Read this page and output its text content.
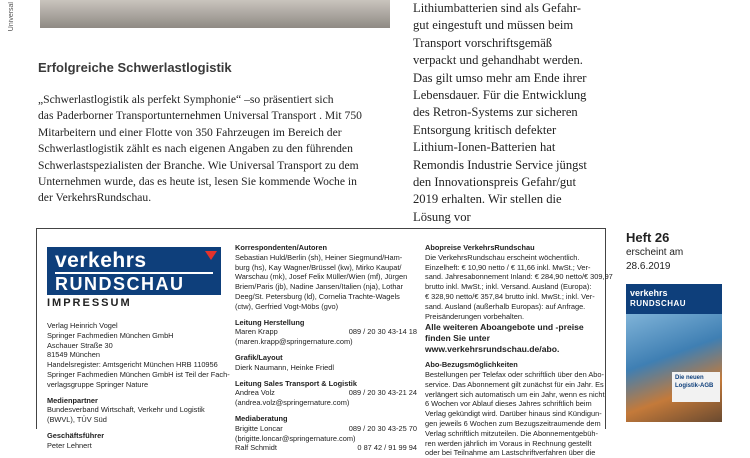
Universal
Erfolgreiche Schwerlastlogistik
„Schwerlastlogistik als perfekt Symphonie“ –so präsentiert sich
das Paderborner Transportunternehmen Universal Transport . Mit 750
Mitarbeitern und einer Flotte von 350 Fahrzeugen im Bereich der
Schwerlastlogistik zählt es nach eigenen Angaben zu den führenden
Schwerlastspezialisten der Branche. Wie Universal Transport zu dem
Unternehmen wurde, das es heute ist, lesen Sie kommende Woche in
der VerkehrsRundschau.
Lithiumbatterien sind als Gefahr-
gut eingestuft und müssen beim
Transport vorschriftsgemäß
verpackt und gehandhabt werden.
Das gilt umso mehr am Ende ihrer
Lebensdauer. Für die Entwicklung
des Retron-Systems zur sicheren
Entsorgung kritisch defekter
Lithium-Ionen-Batterien hat
Remondis Industrie Service jüngst
den Innovationspreis Gefahr/gut
2019 erhalten. Wir stellen die
Lösung vor
verkehrs
RUNDSCHAU
IMPRESSUM
Verlag Heinrich Vogel
Springer Fachmedien München GmbH
Aschauer Straße 30
81549 München
Handelsregister: Amtsgericht München HRB 110956
Springer Fachmedien München GmbH ist Teil der Fach-
verlagsgruppe Springer Nature
Medienpartner
Bundesverband Wirtschaft, Verkehr und Logistik
(BWVL), TÜV Süd
Geschäftsführer
Peter Lehnert
Korrespondenten/Autoren
Sebastian Huld/Berlin (sh), Heiner Siegmund/Ham-
burg (hs), Kay Wagner/Brüssel (kw), Mirko Kaupat/
Warschau (mk), Josef Felix Müller/Wien (mf), Jürgen
Briem/Paris (jb), Nadine Jansen/Italien (nja), Lothar
Deeg/St. Petersburg (ld), Cornelia Trachte-Wagels
(ctw), Gerfried Vogt-Möbs (gvo)
Leitung Herstellung
Maren Krapp	089 / 20 30 43-14 18
(maren.krapp@springernature.com)
Grafik/Layout
Dierk Naumann, Heinke Friedl
Leitung Sales Transport & Logistik
Andrea Volz	089 / 20 30 43-21 24
(andrea.volz@springernature.com)
Mediaberatung
Brigitte Loncar	089 / 20 30 43-25 70
(brigitte.loncar@springernature.com)
Ralf Schmidt	0 87 42 / 91 99 94
Abopreise VerkehrsRundschau
Die VerkehrsRundschau erscheint wöchentlich.
Einzelheft: € 10,90 netto / € 11,66 inkl. MwSt.; Ver-
sand. Jahresabonnement Inland: € 284,90 netto/€ 309,97
brutto inkl. MwSt.; inkl. Versand. Ausland (Europa):
€ 328,90 netto/€ 357,84 brutto inkl. MwSt.; inkl. Ver-
sand. Ausland (außerhalb Europas): auf Anfrage.
Preisänderungen vorbehalten.
Alle weiteren Aboangebote und -preise
finden Sie unter
www.verkehrsrundschau.de/abo.
Abo-Bezugsmöglichkeiten
Bestellungen per Telefax oder schriftlich über den Abo-
service. Das Abonnement gilt zunächst für ein Jahr. Es
verlängert sich automatisch um ein Jahr, wenn es nicht
6 Wochen vor Ablauf dieses Jahres schriftlich beim
Verlag gekündigt wird. Darüber hinaus sind Kündigun-
gen jeweils 6 Wochen zum Bezugszeitraumende dem
Verlag schriftlich mitzuteilen. Die Abonnementgebüh-
ren werden jährlich im Voraus in Rechnung gestellt
oder bei Teilnahme am Lastschriftverfahren über die
Heft 26
erscheint am
28.6.2019
verkehrs
RUNDSCHAU
Die neuen
Logistik-AGB
